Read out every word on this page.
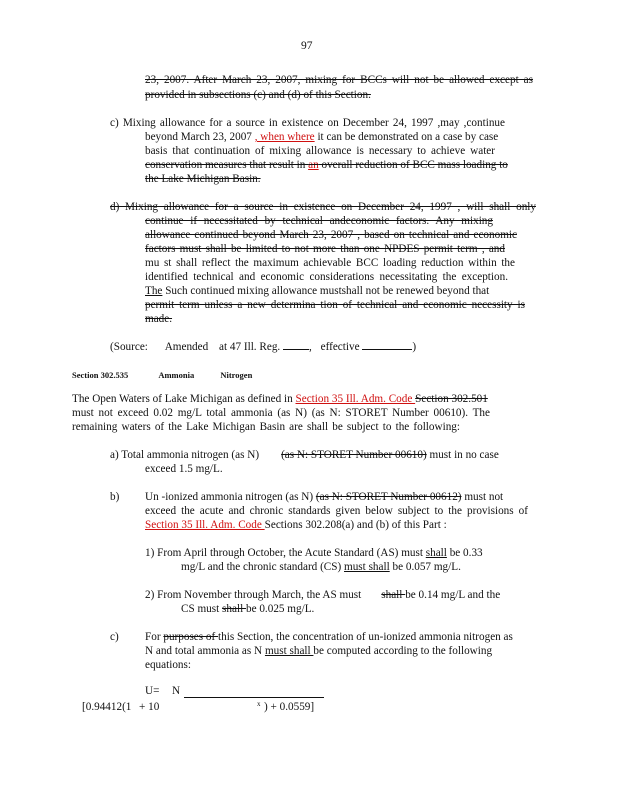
97
23, 2007. After March 23, 2007, mixing for BCCs will not be allowed except as
provided in subsections (c) and (d) of this Section.
c) Mixing allowance for a source in existence on December 24, 1997 ,may ,continue
beyond March 23, 2007 , when where it can be demonstrated on a case by case
basis that continuation of mixing allowance is necessary to achieve water
conservation measures that result in an overall reduction of BCC mass loading to
the Lake Michigan Basin.
d) Mixing allowance for a source in existence on December 24, 1997 , will shall only
continue if necessitated by technical andeconomic factors. Any mixing
allowance continued beyond March 23, 2007 , based on technical and economic
factors must shall be limited to not more than one NPDES permit term , and
mu st shall reflect the maximum achievable BCC loading reduction within the
identified technical and economic considerations necessitating the exception.
The Such continued mixing allowance mustshall not be renewed beyond that
permit term unless a new determina tion of technical and economic necessity is
made.
(Source: Amended at 47 Ill. Reg.	, effective	)
Section 302.535	Ammonia	Nitrogen
The Open Waters of Lake Michigan as defined in Section 35 Ill. Adm. Code Section 302.501
must not exceed 0.02 mg/L total ammonia (as N) (as N: STORET Number 00610). The
remaining waters of the Lake Michigan Basin are shall be subject to the following:
a) Total ammonia nitrogen (as N) (as N: STORET Number 00610) must in no case
exceed 1.5 mg/L.
b) Un -ionized ammonia nitrogen (as N) (as N: STORET Number 00612) must not
exceed the acute and chronic standards given below subject to the provisions of
Section 35 Ill. Adm. Code Sections 302.208(a) and (b) of this Part :
1) From April through October, the Acute Standard (AS) must shall be 0.33
mg/L and the chronic standard (CS) must shall be 0.057 mg/L.
2) From November through March, the AS must shall be 0.14 mg/L and the
CS must shall be 0.025 mg/L.
c) For purposes of this Section, the concentration of un-ionized ammonia nitrogen as
N and total ammonia as N must shall be computed according to the following
equations:
U= N
[0.94412(1 + 10	x ) + 0.0559]
